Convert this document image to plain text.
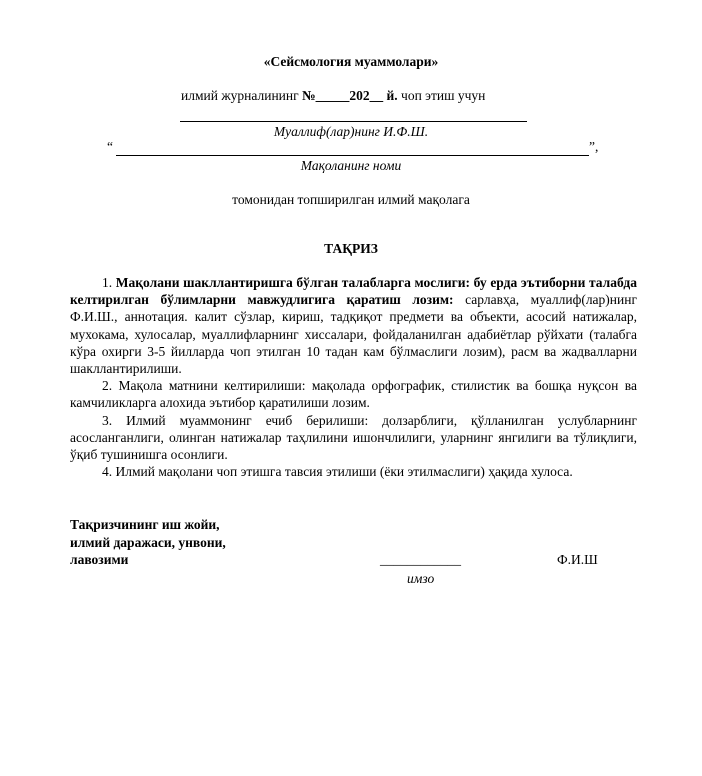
«Сейсмология муаммолари»
илмий журналининг №_____202__ й. чоп этиш учун
Муаллиф(лар)нинг И.Ф.Ш.
“	”,
Мақоланинг номи
томонидан топширилган илмий мақолага
ТАҚРИЗ

1. Мақолани шакллантиришга бўлган талабларга мослиги: бу ерда эътиборни талабда келтирилган бўлимларни мавжудлигига қаратиш лозим: сарлавҳа, муаллиф(лар)нинг Ф.И.Ш., аннотация. калит сўзлар, кириш, тадқиқот предмети ва объекти, асосий натижалар, мухокама, хулосалар, муаллифларнинг хиссалари, фойдаланилган адабиётлар рўйхати (талабга кўра охирги 3-5 йилларда чоп этилган 10 тадан кам бўлмаслиги лозим), расм ва жадвалларни шакллантирилиши.

2. Мақола матнини келтирилиши: мақолада орфографик, стилистик ва бошқа нуқсон ва камчиликларга алохида эътибор қаратилиши лозим.

3. Илмий муаммонинг ечиб берилиши: долзарблиги, қўлланилган услубларнинг асосланганлиги, олинган натижалар таҳлилини ишончлилиги, уларнинг янгилиги ва тўлиқлиги, ўқиб тушинишга осонлиги.

4. Илмий мақолани чоп этишга тавсия этилиши (ёки этилмаслиги) ҳақида хулоса.

Тақризчининг иш жойи,
илмий даражаси, унвони,
лавозими	____________
имзо
Ф.И.Ш
